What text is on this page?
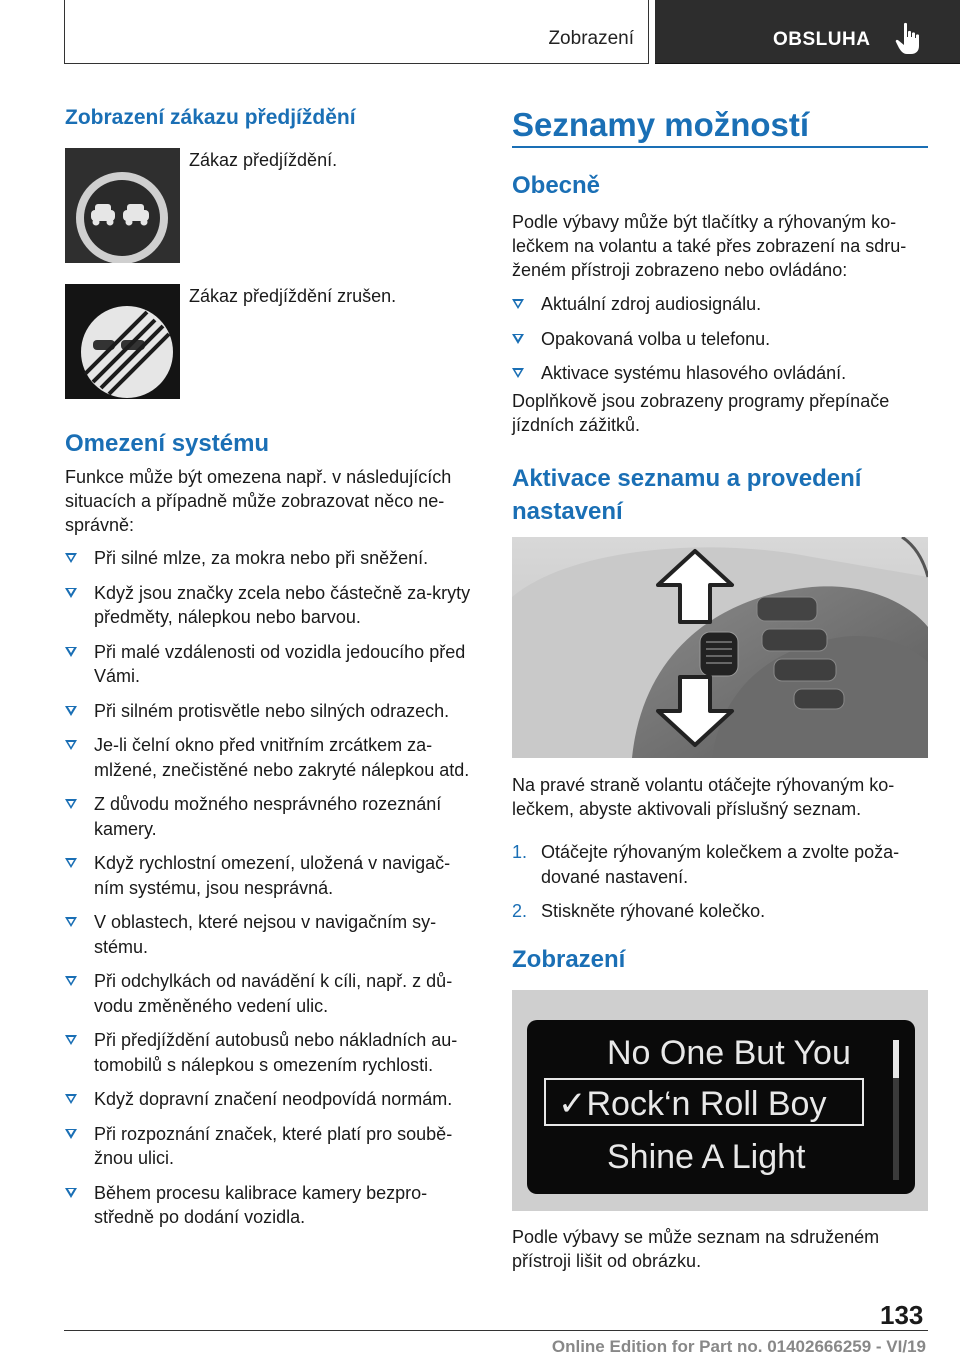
Zobrazení	OBSLUHA
Zobrazení zákazu předjíždění
Zákaz předjíždění.
Zákaz předjíždění zrušen.
Omezení systému
Funkce může být omezena např. v následujících situacích a případně může zobrazovat něco ne-správně:
Při silné mlze, za mokra nebo při sněžení.
Když jsou značky zcela nebo částečně za-kryty předměty, nálepkou nebo barvou.
Při malé vzdálenosti od vozidla jedoucího před Vámi.
Při silném protisvětle nebo silných odrazech.
Je-li čelní okno před vnitřním zrcátkem za-mlžené, znečistěné nebo zakryté nálepkou atd.
Z důvodu možného nesprávného rozeznání kamery.
Když rychlostní omezení, uložená v navigač-ním systému, jsou nesprávná.
V oblastech, které nejsou v navigačním sy-stému.
Při odchylkách od navádění k cíli, např. z dů-vodu změněného vedení ulic.
Při předjíždění autobusů nebo nákladních au-tomobilů s nálepkou s omezením rychlosti.
Když dopravní značení neodpovídá normám.
Při rozpoznání značek, které platí pro soubě-žnou ulici.
Během procesu kalibrace kamery bezpro-středně po dodání vozidla.
Seznamy možností
Obecně
Podle výbavy může být tlačítky a rýhovaným ko-lečkem na volantu a také přes zobrazení na sdru-ženém přístroji zobrazeno nebo ovládáno:
Aktuální zdroj audiosignálu.
Opakovaná volba u telefonu.
Aktivace systému hlasového ovládání.
Doplňkově jsou zobrazeny programy přepínače jízdních zážitků.
Aktivace seznamu a provedení nastavení
Na pravé straně volantu otáčejte rýhovaným ko-lečkem, abyste aktivovali příslušný seznam.
1. Otáčejte rýhovaným kolečkem a zvolte poža-dované nastavení.
2. Stiskněte rýhované kolečko.
Zobrazení
No One But You
✓Rock‘n Roll Boy
Shine A Light
Podle výbavy se může seznam na sdruženém přístroji lišit od obrázku.
133
Online Edition for Part no. 01402666259 - VI/19
